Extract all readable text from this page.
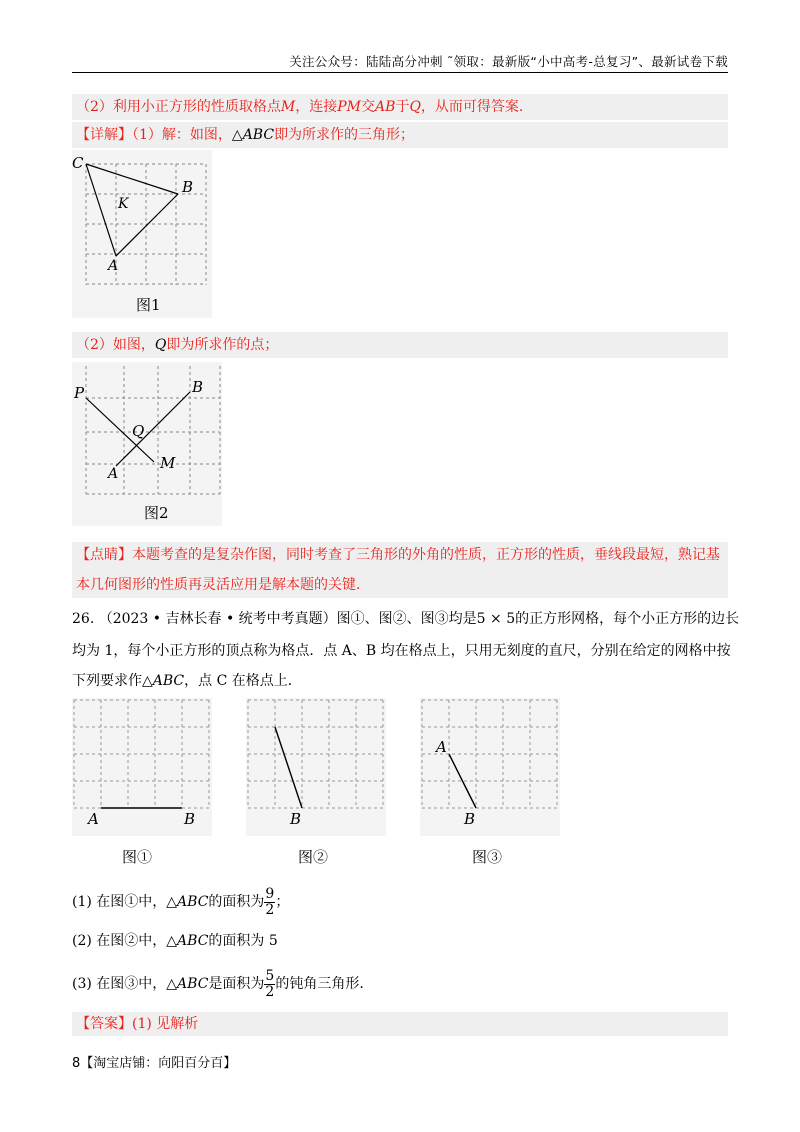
关注公众号：陆陆高分冲刺 ˜领取：最新版“小中高考-总复习”、最新试卷下载
（2）利用小正方形的性质取格点M，连接PM交AB于Q，从而可得答案.
【详解】（1）解：如图，△ABC即为所求作的三角形；
C
B
K
A
图1
（2）如图，Q即为所求作的点；
P	B
Q
M
A
图2
【点睛】本题考查的是复杂作图，同时考查了三角形的外角的性质，正方形的性质，垂线段最短，熟记基
本几何图形的性质再灵活应用是解本题的关键.
26. （2023 • 吉林长春 • 统考中考真题）图①、图②、图③均是5 × 5的正方形网格，每个小正方形的边长
均为 1，每个小正方形的顶点称为格点．点 A、B 均在格点上，只用无刻度的直尺，分别在给定的网格中按
下列要求作△ABC，点 C 在格点上．
A	B
图①
B
图②
A
B
图③
(1) 在图①中，△ABC的面积为 $\frac{9}{2}$ ；
(2) 在图②中，△ABC的面积为 5
(3) 在图③中，△ABC是面积为 $\frac{5}{2}$ 的钝角三角形.
【答案】(1) 见解析
8【淘宝店铺：向阳百分百】
